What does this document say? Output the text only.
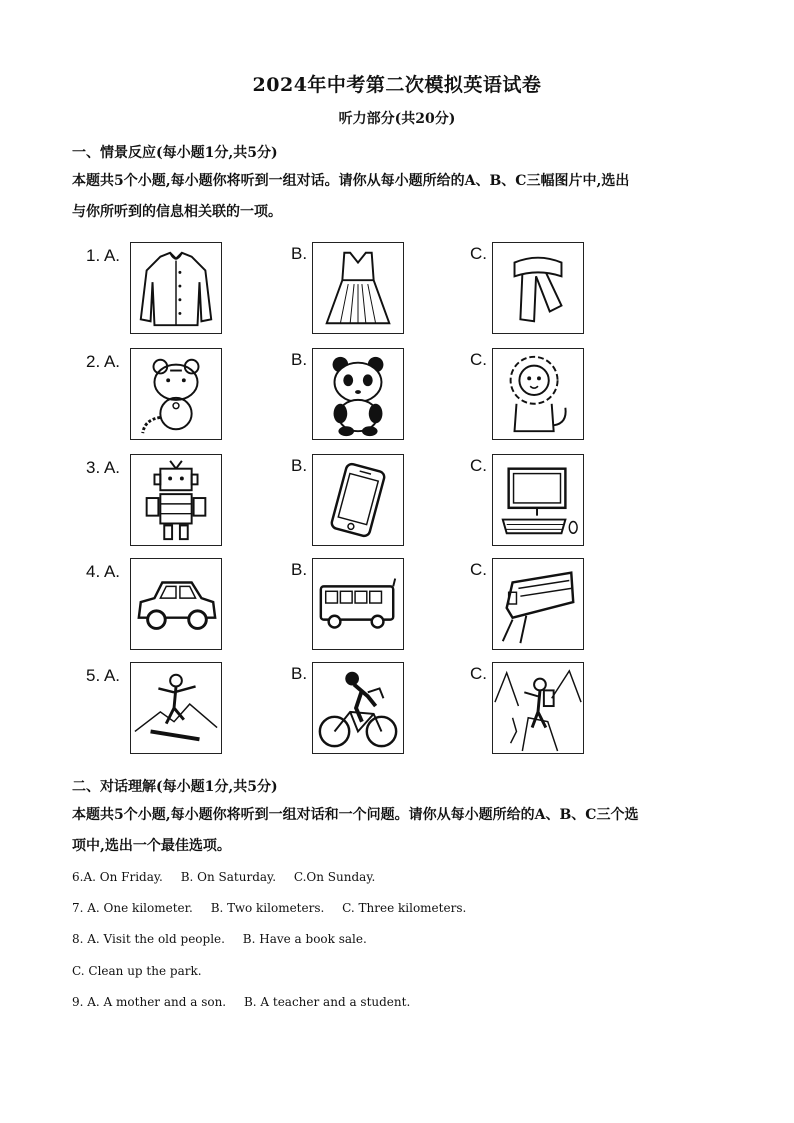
2024年中考第二次模拟英语试卷
听力部分(共20分)
一、情景反应(每小题1分,共5分)
本题共5个小题,每小题你将听到一组对话。请你从每小题所给的A、B、C三幅图片中,选出
与你所听到的信息相关联的一项。
1. A.	B.	C.
2. A.	B.	C.
3. A.	B.	C.
4. A.	B.	C.
5. A.	B.	C.
二、对话理解(每小题1分,共5分)
本题共5个小题,每小题你将听到一组对话和一个问题。请你从每小题所给的A、B、C三个选
项中,选出一个最佳选项。
6.A. On Friday. B. On Saturday. C.On Sunday.
7. A. One kilometer. B. Two kilometers. C. Three kilometers.
8. A. Visit the old people. B. Have a book sale.
C. Clean up the park.
9. A. A mother and a son. B. A teacher and a student.
